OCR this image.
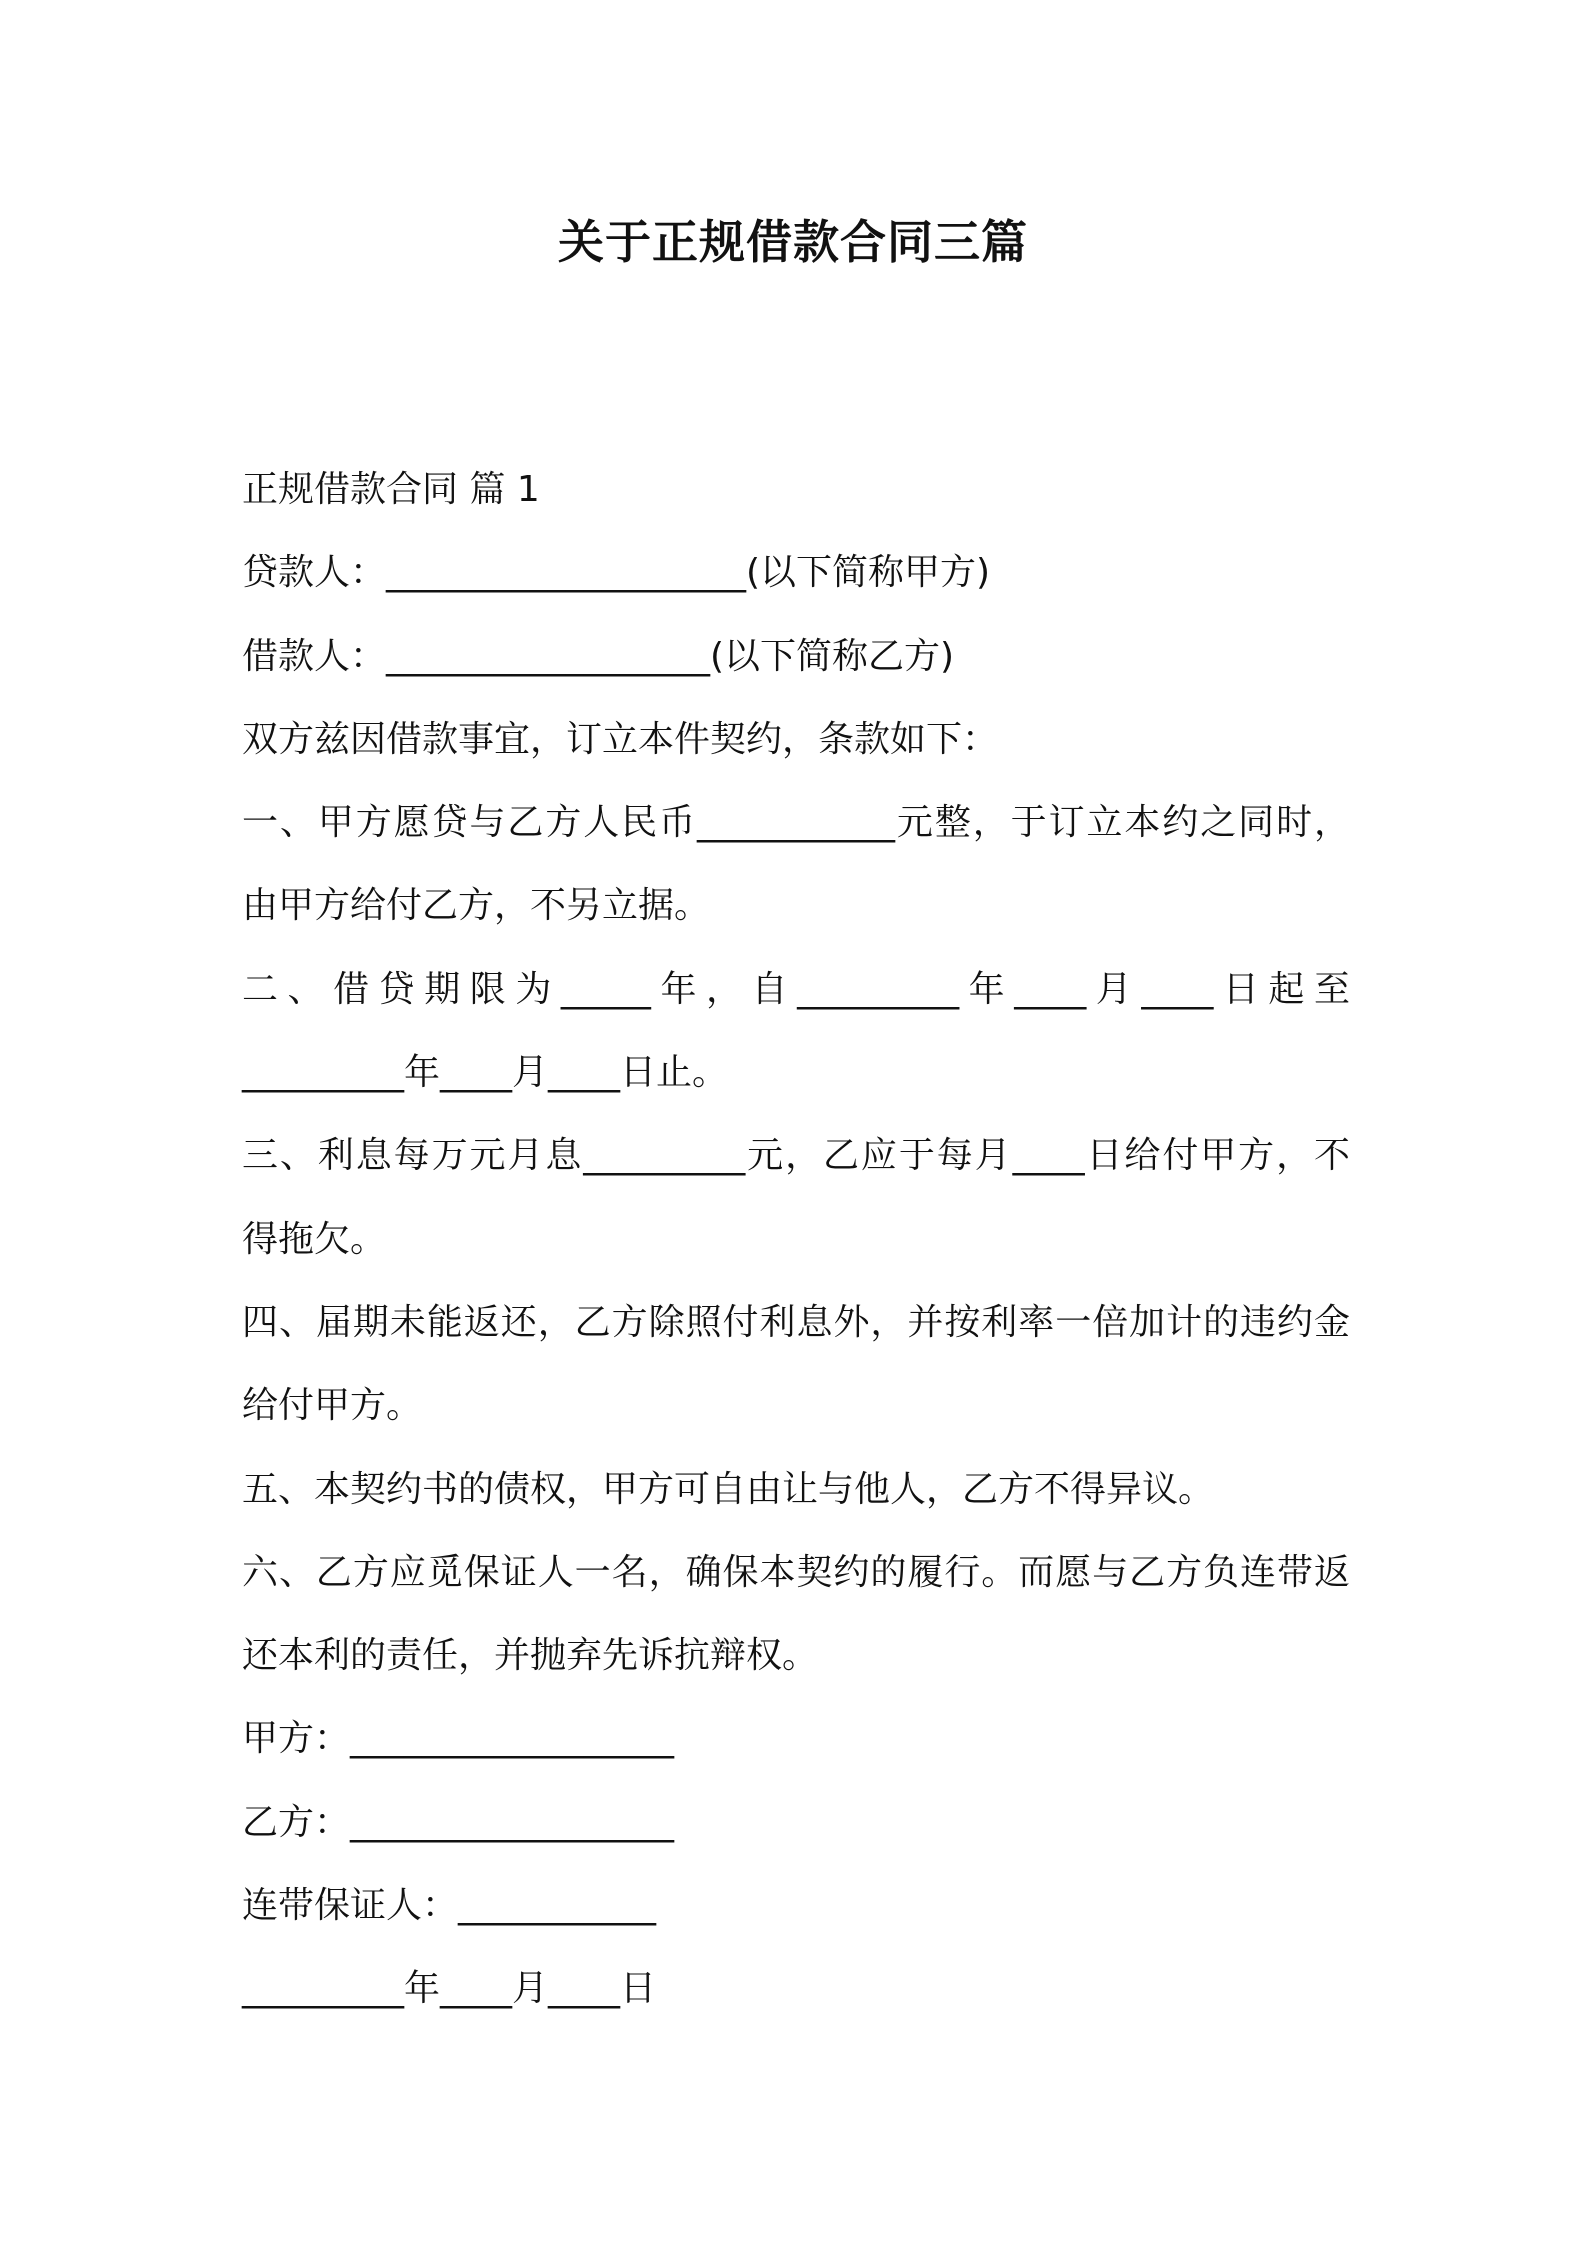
关于正规借款合同三篇
正规借款合同 篇 1
贷款人：____________________(以下简称甲方)
借款人：__________________(以下简称乙方)
双方兹因借款事宜，订立本件契约，条款如下：
一、甲方愿贷与乙方人民币___________元整，于订立本约之同时，
由甲方给付乙方，不另立据。
二、借贷期限为_____年，自_________年____月____日起至
_________年____月____日止。
三、利息每万元月息_________元，乙应于每月____日给付甲方，不
得拖欠。
四、届期未能返还，乙方除照付利息外，并按利率一倍加计的违约金
给付甲方。
五、本契约书的债权，甲方可自由让与他人，乙方不得异议。
六、乙方应觅保证人一名，确保本契约的履行。而愿与乙方负连带返
还本利的责任，并抛弃先诉抗辩权。
甲方：__________________
乙方：__________________
连带保证人：___________
_________年____月____日
